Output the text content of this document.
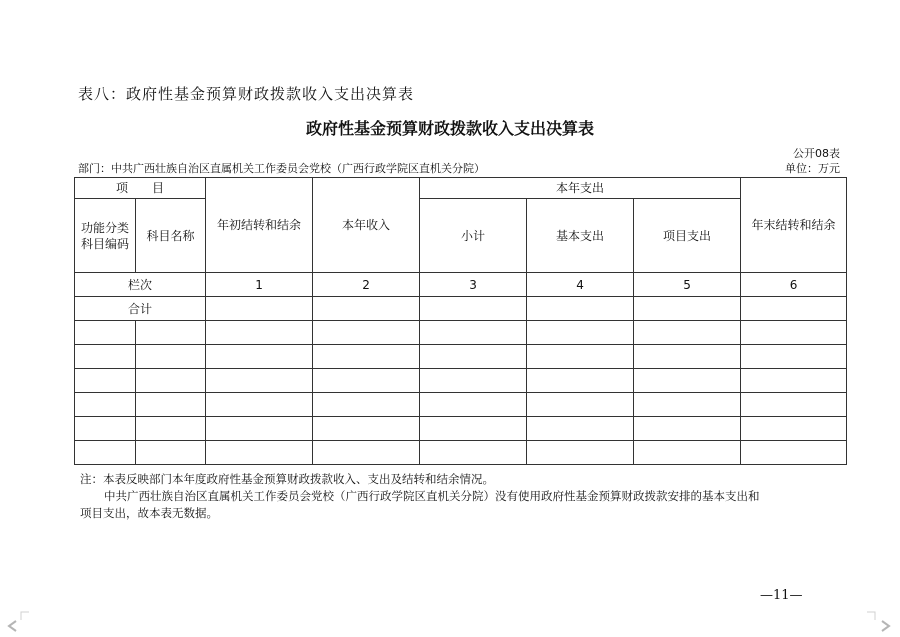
表八：政府性基金预算财政拨款收入支出决算表
政府性基金预算财政拨款收入支出决算表
公开08表
部门：中共广西壮族自治区直属机关工作委员会党校（广西行政学院区直机关分院）	单位：万元
项　　目		年初结转和结余	本年收入	本年支出			年末结转和结余
功能分类科目编码	科目名称			小计	基本支出	项目支出	
栏次		1	2	3	4	5	6
合计							

注：本表反映部门本年度政府性基金预算财政拨款收入、支出及结转和结余情况。
中共广西壮族自治区直属机关工作委员会党校（广西行政学院区直机关分院）没有使用政府性基金预算财政拨款安排的基本支出和
项目支出，故本表无数据。
—11—
